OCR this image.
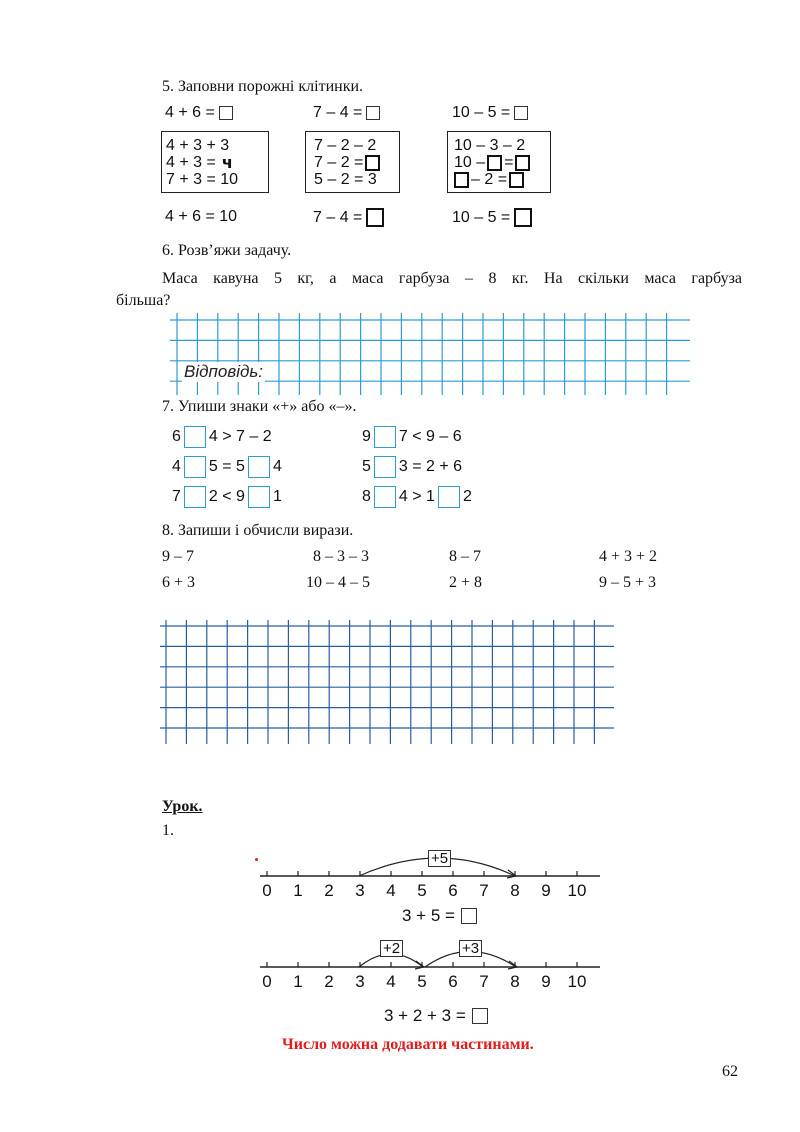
5. Заповни порожні клітинки.
4 + 6 =	7 – 4 =	10 – 5 =
4 + 3 + 3
4 + 3 = ч
7 + 3 = 10
7 – 2 – 2
7 – 2 =
5 – 2 = 3
10 – 3 – 2
10 – =
– 2 =
4 + 6 = 10	7 – 4 =	10 – 5 =
6. Розв’яжи задачу.
Маса кавуна 5 кг, а маса гарбуза – 8 кг. На скільки маса гарбуза
більша?
Відповідь:
7. Упиши знаки «+» або «–».
6 4 > 7 – 2
4 5 = 5 4
7 2 < 9 1
9 7 < 9 – 6
5 3 = 2 + 6
8 4 > 1 2
8. Запиши і обчисли вирази.
9 – 7	8 – 3 – 3	8 – 7	4 + 3 + 2
6 + 3	10 – 4 – 5	2 + 8	9 – 5 + 3
Урок.
1.
+5
0	1	2	3	4	5	6	7	8	9 10
3 + 5 =
+2	+3
0	1	2	3	4	5	6	7	8	9 10
3 + 2 + 3 =
Число можна додавати частинами.
62
